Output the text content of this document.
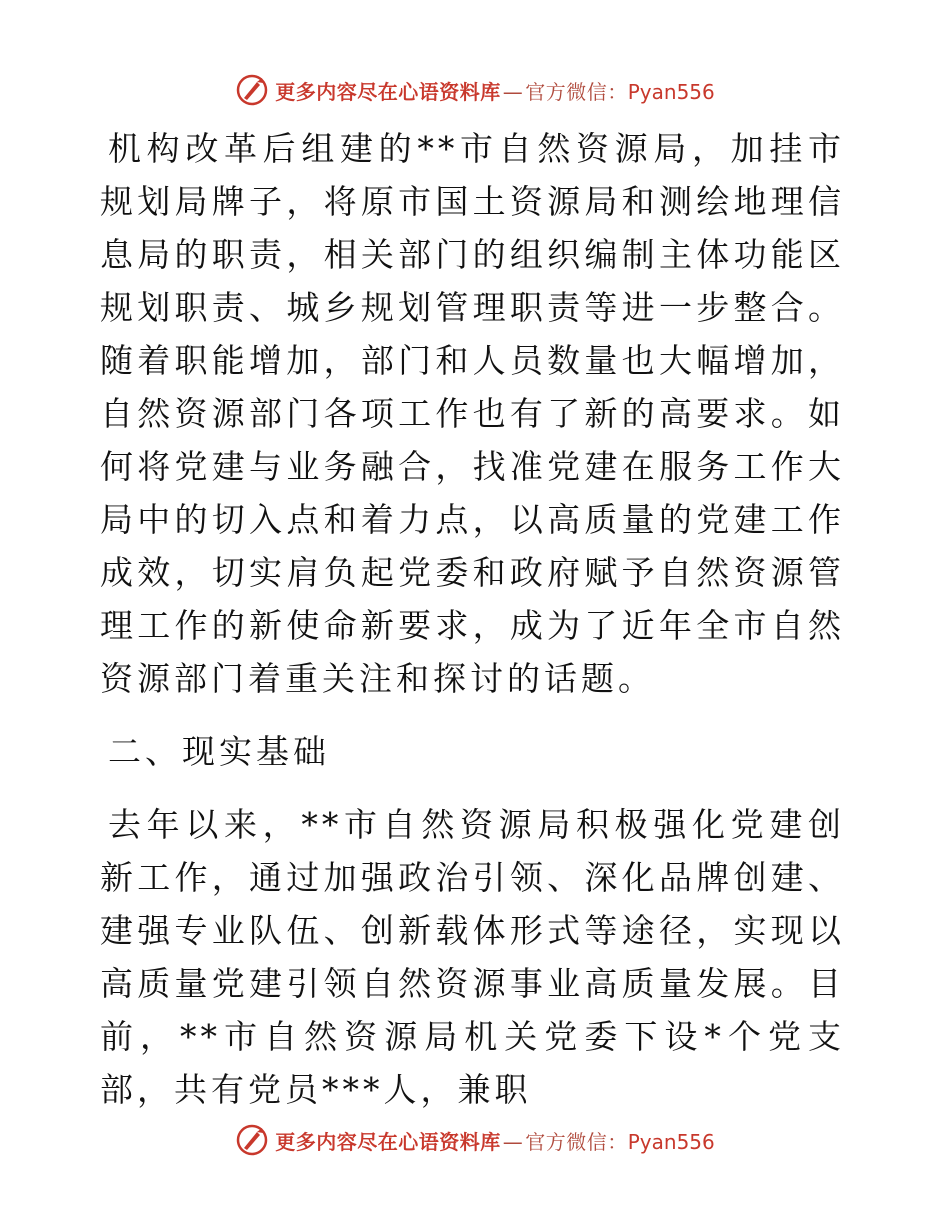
更多内容尽在心语资料库 — 官方微信： Pyan556

机构改革后组建的**市自然资源局，加挂市规划局牌子，将原市国土资源局和测绘地理信息局的职责，相关部门的组织编制主体功能区规划职责、城乡规划管理职责等进一步整合。随着职能增加，部门和人员数量也大幅增加，自然资源部门各项工作也有了新的高要求。如何将党建与业务融合，找准党建在服务工作大局中的切入点和着力点，以高质量的党建工作成效，切实肩负起党委和政府赋予自然资源管理工作的新使命新要求，成为了近年全市自然资源部门着重关注和探讨的话题。

二、现实基础

去年以来，**市自然资源局积极强化党建创新工作，通过加强政治引领、深化品牌创建、建强专业队伍、创新载体形式等途径，实现以高质量党建引领自然资源事业高质量发展。目前，**市自然资源局机关党委下设*个党支部，共有党员***人，兼职

更多内容尽在心语资料库 — 官方微信： Pyan556
